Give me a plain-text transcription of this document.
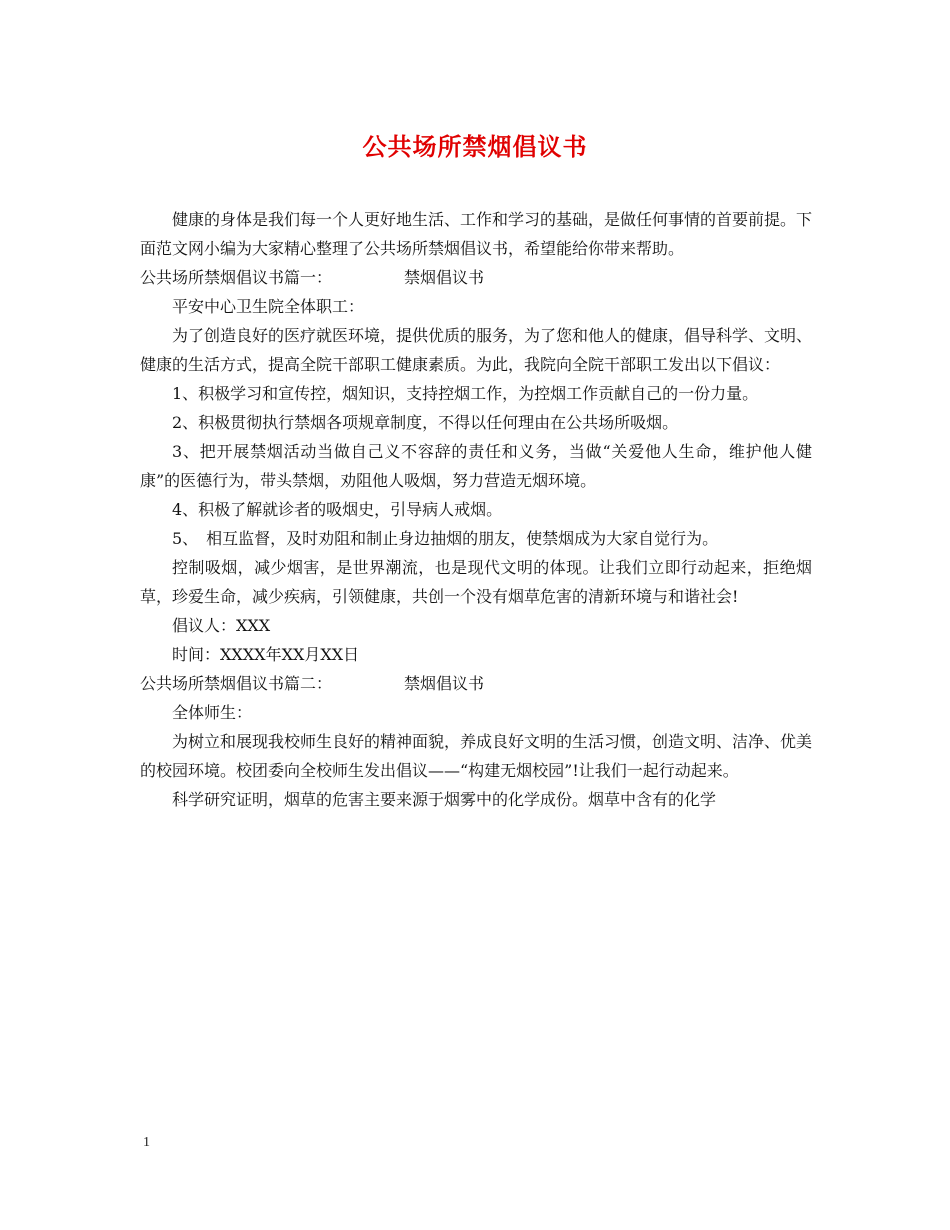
公共场所禁烟倡议书

健康的身体是我们每一个人更好地生活、工作和学习的基础，是做任何事情的首要前提。下面范文网小编为大家精心整理了公共场所禁烟倡议书，希望能给你带来帮助。

公共场所禁烟倡议书篇一：	禁烟倡议书

平安中心卫生院全体职工：

为了创造良好的医疗就医环境，提供优质的服务，为了您和他人的健康，倡导科学、文明、健康的生活方式，提高全院干部职工健康素质。为此，我院向全院干部职工发出以下倡议：

1、积极学习和宣传控，烟知识，支持控烟工作，为控烟工作贡献自己的一份力量。

2、积极贯彻执行禁烟各项规章制度，不得以任何理由在公共场所吸烟。

3、把开展禁烟活动当做自己义不容辞的责任和义务，当做“关爱他人生命，维护他人健康”的医德行为，带头禁烟，劝阻他人吸烟，努力营造无烟环境。

4、积极了解就诊者的吸烟史，引导病人戒烟。

5、　相互监督，及时劝阻和制止身边抽烟的朋友，使禁烟成为大家自觉行为。

控制吸烟，减少烟害，是世界潮流，也是现代文明的体现。让我们立即行动起来，拒绝烟草，珍爱生命，减少疾病，引领健康，共创一个没有烟草危害的清新环境与和谐社会!

倡议人：XXX

时间：XXXX年XX月XX日

公共场所禁烟倡议书篇二：	禁烟倡议书

全体师生：

为树立和展现我校师生良好的精神面貌，养成良好文明的生活习惯，创造文明、洁净、优美的校园环境。校团委向全校师生发出倡议——“构建无烟校园”!让我们一起行动起来。

科学研究证明，烟草的危害主要来源于烟雾中的化学成份。烟草中含有的化学

1
